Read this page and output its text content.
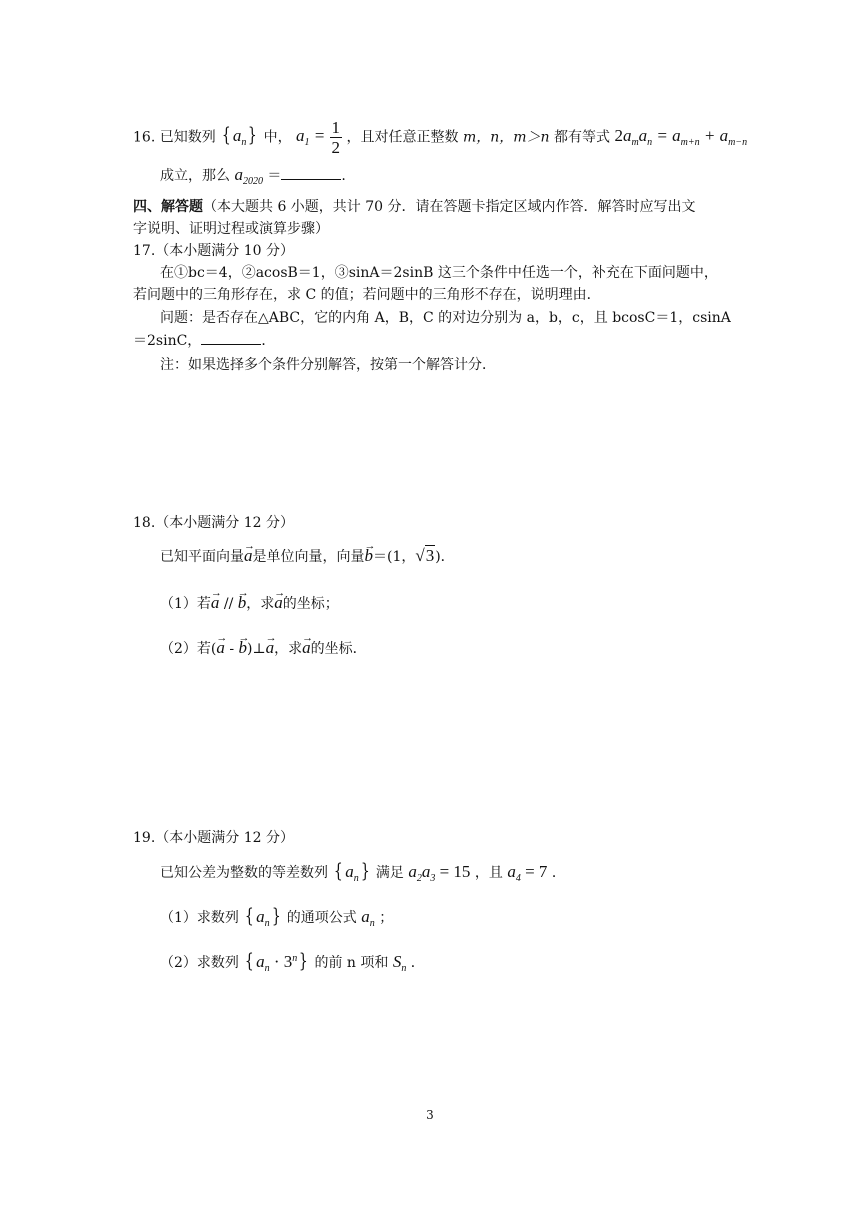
16. 已知数列 { $a_n$} 中， $a_1 = \frac{1}{2}$ ，且对任意正整数 m，n，m＞n 都有等式 $2a_ma_n = a_{m+n} + a_{m-n}$
成立，那么 $a_{2020}$ ＝	.
四、解答题（本大题共 6 小题，共计 70 分．请在答题卡指定区域内作答．解答时应写出文
字说明、证明过程或演算步骤）
17.（本小题满分 10 分）
在①bc＝4，②acosB＝1，③sinA＝2sinB 这三个条件中任选一个，补充在下面问题中，
若问题中的三角形存在，求 C 的值；若问题中的三角形不存在，说明理由．
问题：是否存在△ABC，它的内角 A，B，C 的对边分别为 a，b，c，且 bcosC＝1，csinA
＝2sinC，	．
注：如果选择多个条件分别解答，按第一个解答计分．
18.（本小题满分 12 分）
已知平面向量→ a是单位向量，向量→ b＝(1，√3)．
（1）若→ a // → b，求→ a的坐标；
（2）若(→ a - → b)⊥→ a，求→ a的坐标．
19.（本小题满分 12 分）
已知公差为整数的等差数列 { $a_n$} 满足 $a_2a_3 = 15$ ，且 $a_4 = 7$ ．
（1）求数列 { $a_n$} 的通项公式 $a_n$ ；
（2）求数列 { $a_n \cdot 3^n$} 的前 n 项和 $S_n$ ．
3
